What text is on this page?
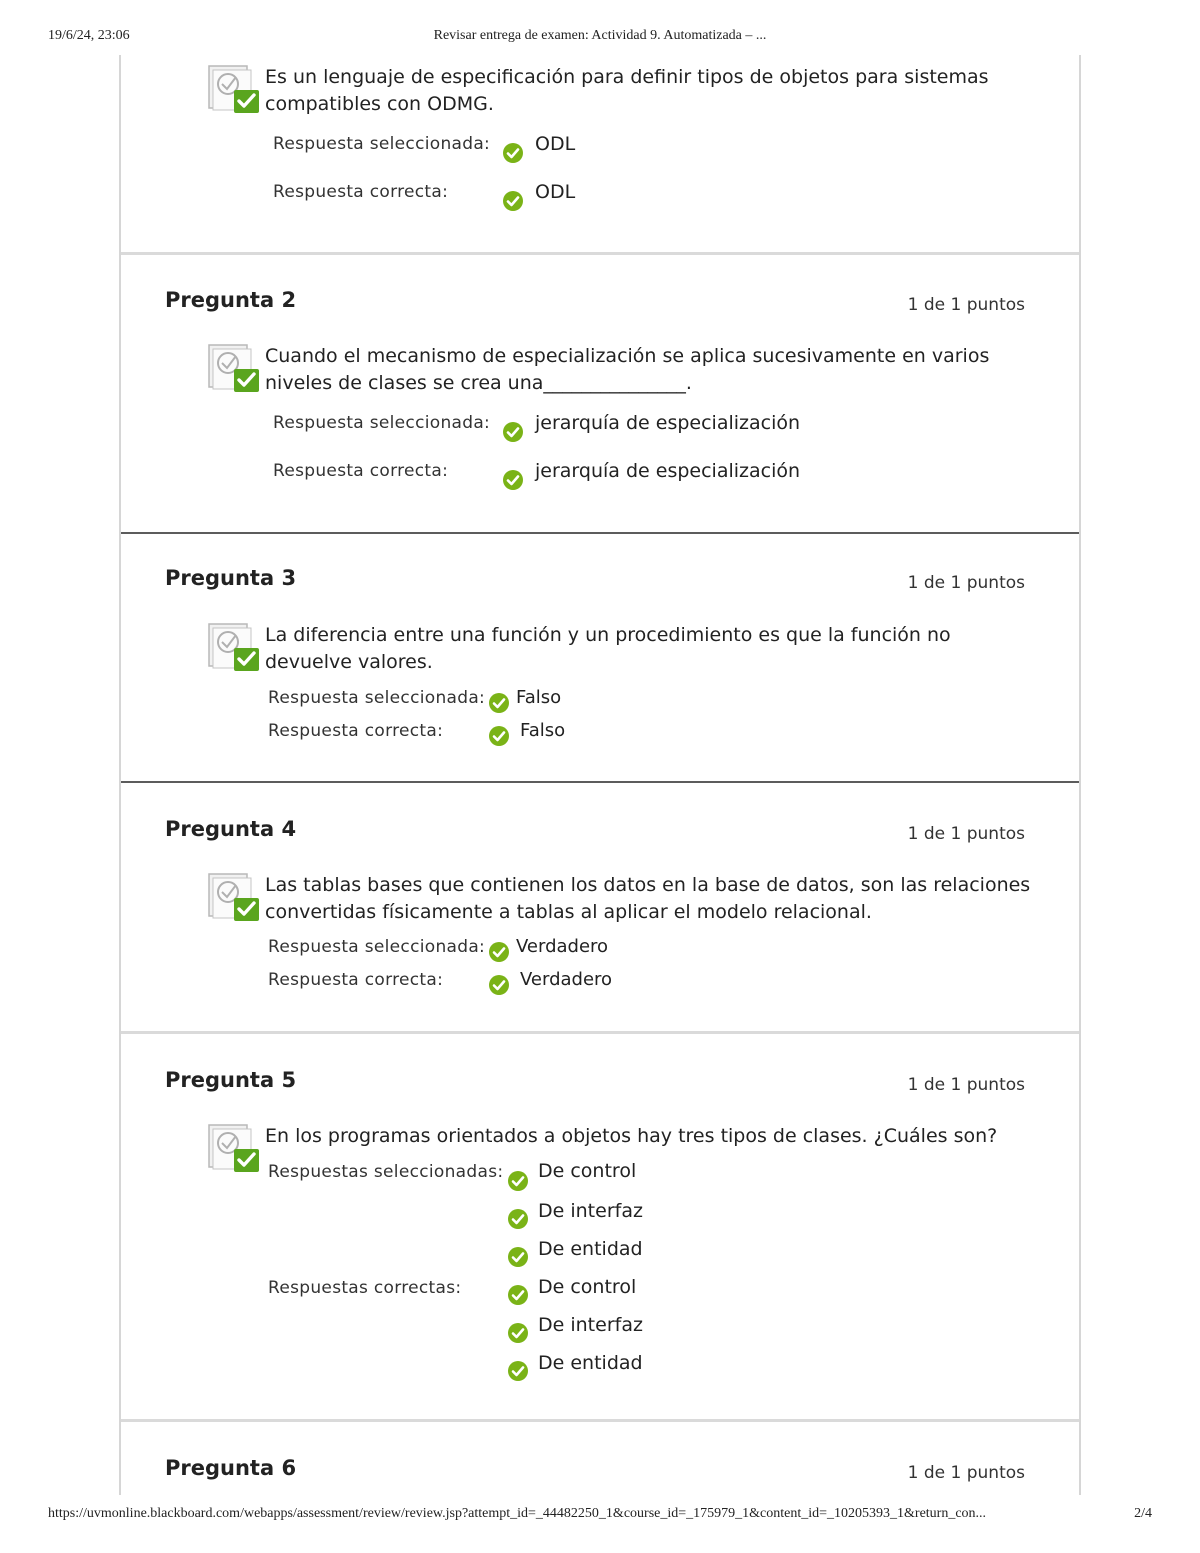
19/6/24, 23:06	Revisar entrega de examen: Actividad 9. Automatizada – ...
Es un lenguaje de especificación para definir tipos de objetos para sistemas compatibles con ODMG.
Respuesta seleccionada: ODL
Respuesta correcta:	ODL
Pregunta 2	1 de 1 puntos
Cuando el mecanismo de especialización se aplica sucesivamente en varios niveles de clases se crea una_______________.
Respuesta seleccionada: jerarquía de especialización
Respuesta correcta:	jerarquía de especialización
Pregunta 3	1 de 1 puntos
La diferencia entre una función y un procedimiento es que la función no devuelve valores.
Respuesta seleccionada: Falso
Respuesta correcta:	Falso
Pregunta 4	1 de 1 puntos
Las tablas bases que contienen los datos en la base de datos, son las relaciones convertidas físicamente a tablas al aplicar el modelo relacional.
Respuesta seleccionada: Verdadero
Respuesta correcta:	Verdadero
Pregunta 5	1 de 1 puntos
En los programas orientados a objetos hay tres tipos de clases. ¿Cuáles son?
Respuestas seleccionadas: De control
De interfaz
De entidad
Respuestas correctas:	De control
De interfaz
De entidad
Pregunta 6	1 de 1 puntos
https://uvmonline.blackboard.com/webapps/assessment/review/review.jsp?attempt_id=_44482250_1&course_id=_175979_1&content_id=_10205393_1&return_con...	2/4
